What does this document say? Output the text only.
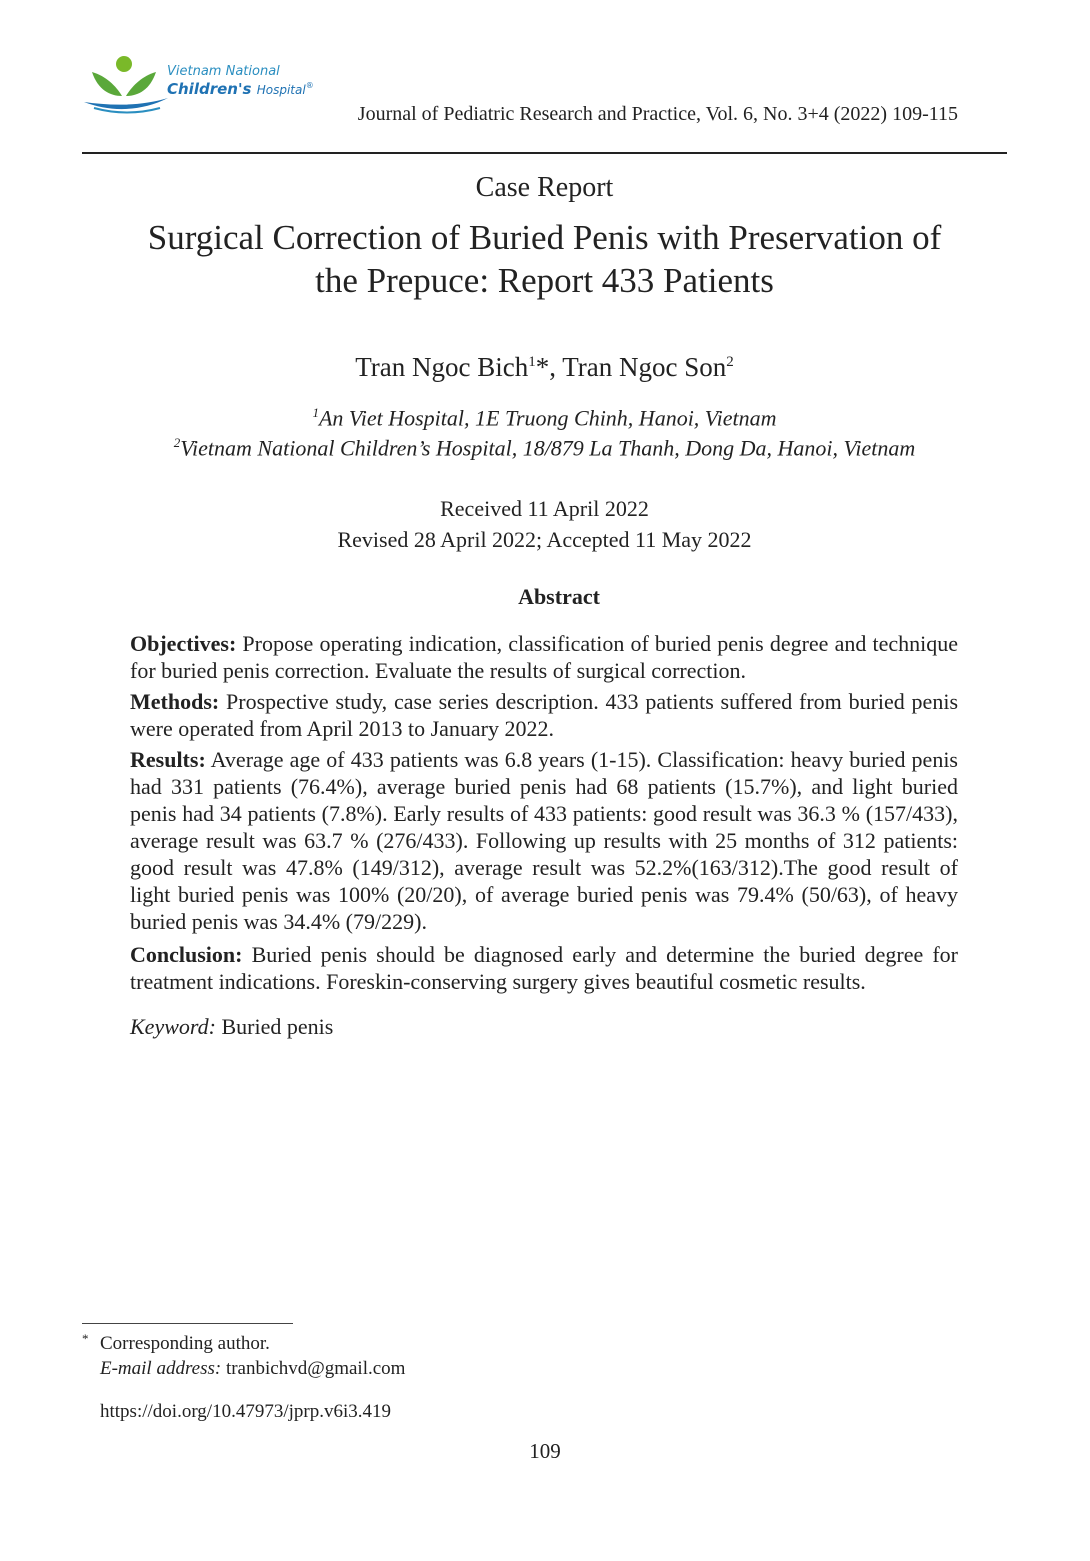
Vietnam National
Children's Hospital®
Journal of Pediatric Research and Practice, Vol. 6, No. 3+4 (2022) 109-115
Case Report
Surgical Correction of Buried Penis with Preservation of
the Prepuce: Report 433 Patients
Tran Ngoc Bich$^1$*, Tran Ngoc Son$^2$
$^1$An Viet Hospital, 1E Truong Chinh, Hanoi, Vietnam
$^2$Vietnam National Children’s Hospital, 18/879 La Thanh, Dong Da, Hanoi, Vietnam
Received 11 April 2022
Revised 28 April 2022; Accepted 11 May 2022
Abstract
Objectives: Propose operating indication, classification of buried penis degree and technique for buried penis correction. Evaluate the results of surgical correction.
Methods: Prospective study, case series description. 433 patients suffered from buried penis were operated from April 2013 to January 2022.
Results: Average age of 433 patients was 6.8 years (1-15). Classification: heavy buried penis had 331 patients (76.4%), average buried penis had 68 patients (15.7%), and light buried penis had 34 patients (7.8%). Early results of 433 patients: good result was 36.3 % (157/433), average result was 63.7 % (276/433). Following up results with 25 months of 312 patients: good result was 47.8% (149/312), average result was 52.2%(163/312).The good result of light buried penis was 100% (20/20), of average buried penis was 79.4% (50/63), of heavy buried penis was 34.4% (79/229).
Conclusion: Buried penis should be diagnosed early and determine the buried degree for treatment indications. Foreskin-conserving surgery gives beautiful cosmetic results.
Keyword: Buried penis
* Corresponding author.
E-mail address: tranbichvd@gmail.com
https://doi.org/10.47973/jprp.v6i3.419
109
